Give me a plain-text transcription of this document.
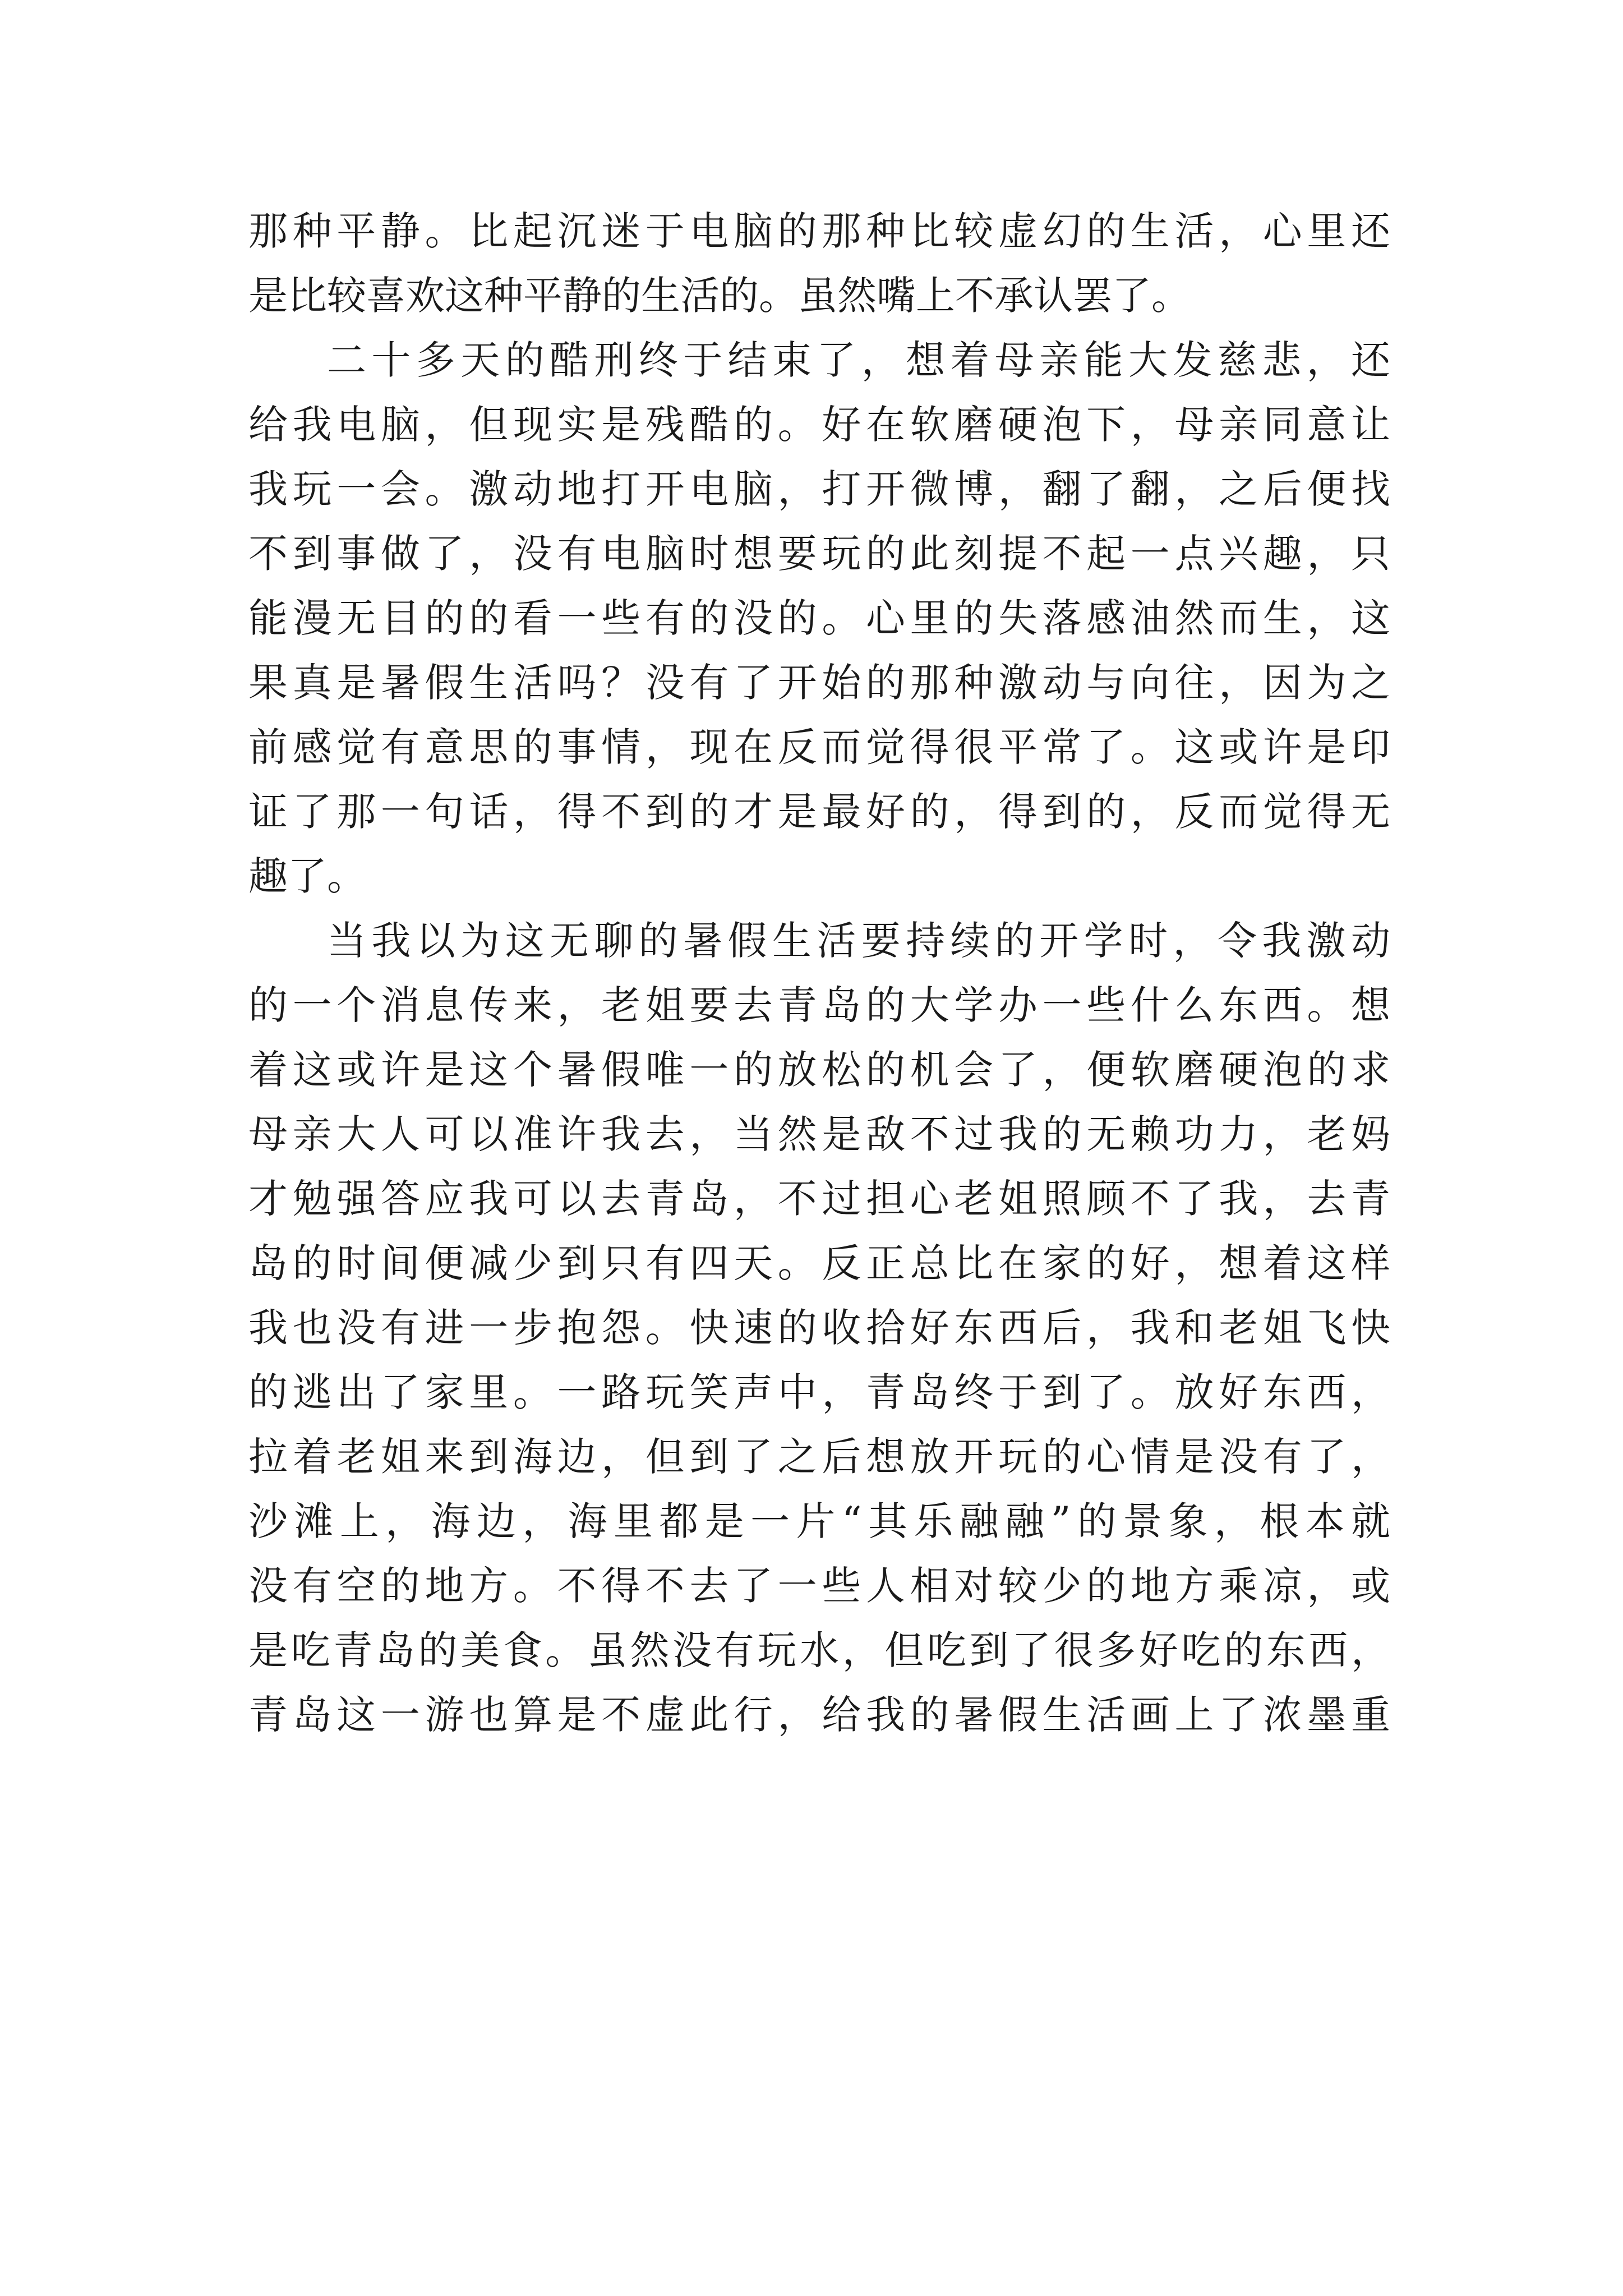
那种平静。比起沉迷于电脑的那种比较虚幻的生活，心里还
是比较喜欢这种平静的生活的。虽然嘴上不承认罢了。
二十多天的酷刑终于结束了，想着母亲能大发慈悲，还
给我电脑，但现实是残酷的。好在软磨硬泡下，母亲同意让
我玩一会。激动地打开电脑，打开微博，翻了翻，之后便找
不到事做了，没有电脑时想要玩的此刻提不起一点兴趣，只
能漫无目的的看一些有的没的。心里的失落感油然而生，这
果真是暑假生活吗？没有了开始的那种激动与向往，因为之
前感觉有意思的事情，现在反而觉得很平常了。这或许是印
证了那一句话，得不到的才是最好的，得到的，反而觉得无
趣了。
当我以为这无聊的暑假生活要持续的开学时，令我激动
的一个消息传来，老姐要去青岛的大学办一些什么东西。想
着这或许是这个暑假唯一的放松的机会了，便软磨硬泡的求
母亲大人可以准许我去，当然是敌不过我的无赖功力，老妈
才勉强答应我可以去青岛，不过担心老姐照顾不了我，去青
岛的时间便减少到只有四天。反正总比在家的好，想着这样
我也没有进一步抱怨。快速的收拾好东西后，我和老姐飞快
的逃出了家里。一路玩笑声中，青岛终于到了。放好东西，
拉着老姐来到海边，但到了之后想放开玩的心情是没有了，
沙滩上，海边，海里都是一片“其乐融融”的景象，根本就
没有空的地方。不得不去了一些人相对较少的地方乘凉，或
是吃青岛的美食。虽然没有玩水，但吃到了很多好吃的东西，
青岛这一游也算是不虚此行，给我的暑假生活画上了浓墨重
